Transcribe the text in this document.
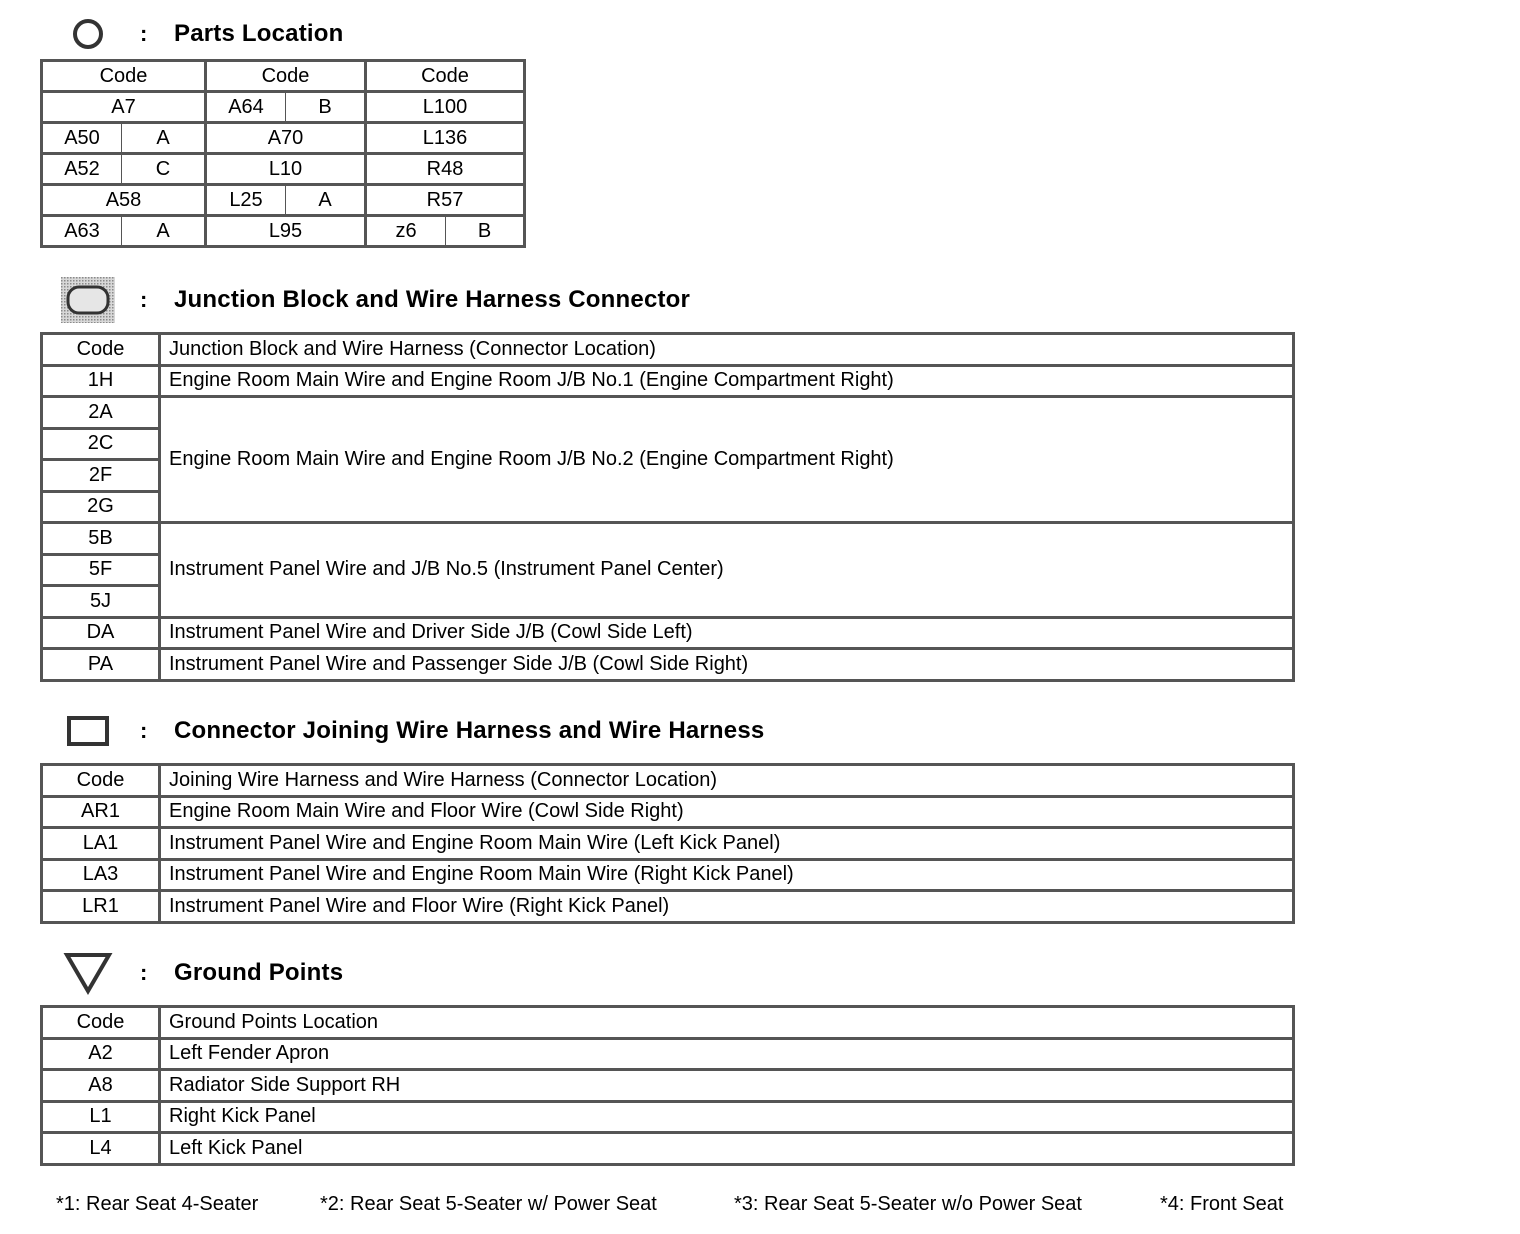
:	Parts Location
Code		Code		Code	
A7		A64	B	L100	
A50	A	A70		L136	
A52	C	L10		R48	
A58		L25	A	R57	
A63	A	L95		z6	B
:	Junction Block and Wire Harness Connector
Code	Junction Block and Wire Harness (Connector Location)
1H	Engine Room Main Wire and Engine Room J/B No.1 (Engine Compartment Right)
2A	Engine Room Main Wire and Engine Room J/B No.2 (Engine Compartment Right)
2C	
2F	
2G	
5B	Instrument Panel Wire and J/B No.5 (Instrument Panel Center)
5F	
5J	
DA	Instrument Panel Wire and Driver Side J/B (Cowl Side Left)
PA	Instrument Panel Wire and Passenger Side J/B (Cowl Side Right)
:	Connector Joining Wire Harness and Wire Harness
Code	Joining Wire Harness and Wire Harness (Connector Location)
AR1	Engine Room Main Wire and Floor Wire (Cowl Side Right)
LA1	Instrument Panel Wire and Engine Room Main Wire (Left Kick Panel)
LA3	Instrument Panel Wire and Engine Room Main Wire (Right Kick Panel)
LR1	Instrument Panel Wire and Floor Wire (Right Kick Panel)
:	Ground Points
Code	Ground Points Location
A2	Left Fender Apron
A8	Radiator Side Support RH
L1	Right Kick Panel
L4	Left Kick Panel
*1: Rear Seat 4-Seater	*2: Rear Seat 5-Seater w/ Power Seat	*3: Rear Seat 5-Seater w/o Power Seat	*4: Front Seat
